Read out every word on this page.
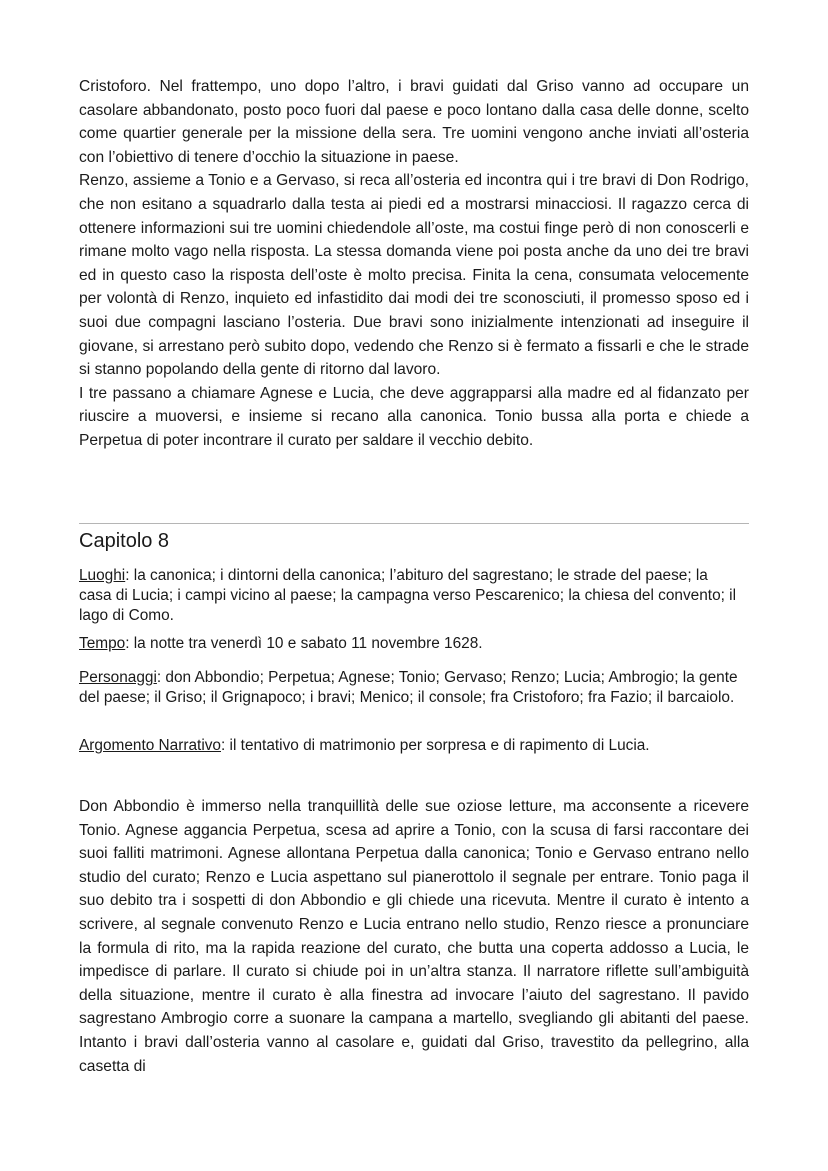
Cristoforo. Nel frattempo, uno dopo l’altro, i bravi guidati dal Griso vanno ad occupare un casolare abbandonato, posto poco fuori dal paese e poco lontano dalla casa delle donne, scelto come quartier generale per la missione della sera. Tre uomini vengono anche inviati all’osteria con l’obiettivo di tenere d’occhio la situazione in paese.

Renzo, assieme a Tonio e a Gervaso, si reca all’osteria ed incontra qui i tre bravi di Don Rodrigo, che non esitano a squadrarlo dalla testa ai piedi ed a mostrarsi minacciosi. Il ragazzo cerca di ottenere informazioni sui tre uomini chiedendole all’oste, ma costui finge però di non conoscerli e rimane molto vago nella risposta. La stessa domanda viene poi posta anche da uno dei tre bravi ed in questo caso la risposta dell’oste è molto precisa. Finita la cena, consumata velocemente per volontà di Renzo, inquieto ed infastidito dai modi dei tre sconosciuti, il promesso sposo ed i suoi due compagni lasciano l’osteria. Due bravi sono inizialmente intenzionati ad inseguire il giovane, si arrestano però subito dopo, vedendo che Renzo si è fermato a fissarli e che le strade si stanno popolando della gente di ritorno dal lavoro.

I tre passano a chiamare Agnese e Lucia, che deve aggrapparsi alla madre ed al fidanzato per riuscire a muoversi, e insieme si recano alla canonica. Tonio bussa alla porta e chiede a Perpetua di poter incontrare il curato per saldare il vecchio debito.

Capitolo 8

Luoghi: la canonica; i dintorni della canonica; l’abituro del sagrestano; le strade del paese; la casa di Lucia; i campi vicino al paese; la campagna verso Pescarenico; la chiesa del convento; il lago di Como.

Tempo: la notte tra venerdì 10 e sabato 11 novembre 1628.

Personaggi: don Abbondio; Perpetua; Agnese; Tonio; Gervaso; Renzo; Lucia; Ambrogio; la gente del paese; il Griso; il Grignapoco; i bravi; Menico; il console; fra Cristoforo; fra Fazio; il barcaiolo.

Argomento Narrativo: il tentativo di matrimonio per sorpresa e di rapimento di Lucia.

Don Abbondio è immerso nella tranquillità delle sue oziose letture, ma acconsente a ricevere Tonio. Agnese aggancia Perpetua, scesa ad aprire a Tonio, con la scusa di farsi raccontare dei suoi falliti matrimoni. Agnese allontana Perpetua dalla canonica; Tonio e Gervaso entrano nello studio del curato; Renzo e Lucia aspettano sul pianerottolo il segnale per entrare. Tonio paga il suo debito tra i sospetti di don Abbondio e gli chiede una ricevuta. Mentre il curato è intento a scrivere, al segnale convenuto Renzo e Lucia entrano nello studio, Renzo riesce a pronunciare la formula di rito, ma la rapida reazione del curato, che butta una coperta addosso a Lucia, le impedisce di parlare. Il curato si chiude poi in un’altra stanza. Il narratore riflette sull’ambiguità della situazione, mentre il curato è alla finestra ad invocare l’aiuto del sagrestano. Il pavido sagrestano Ambrogio corre a suonare la campana a martello, svegliando gli abitanti del paese. Intanto i bravi dall’osteria vanno al casolare e, guidati dal Griso, travestito da pellegrino, alla casetta di
